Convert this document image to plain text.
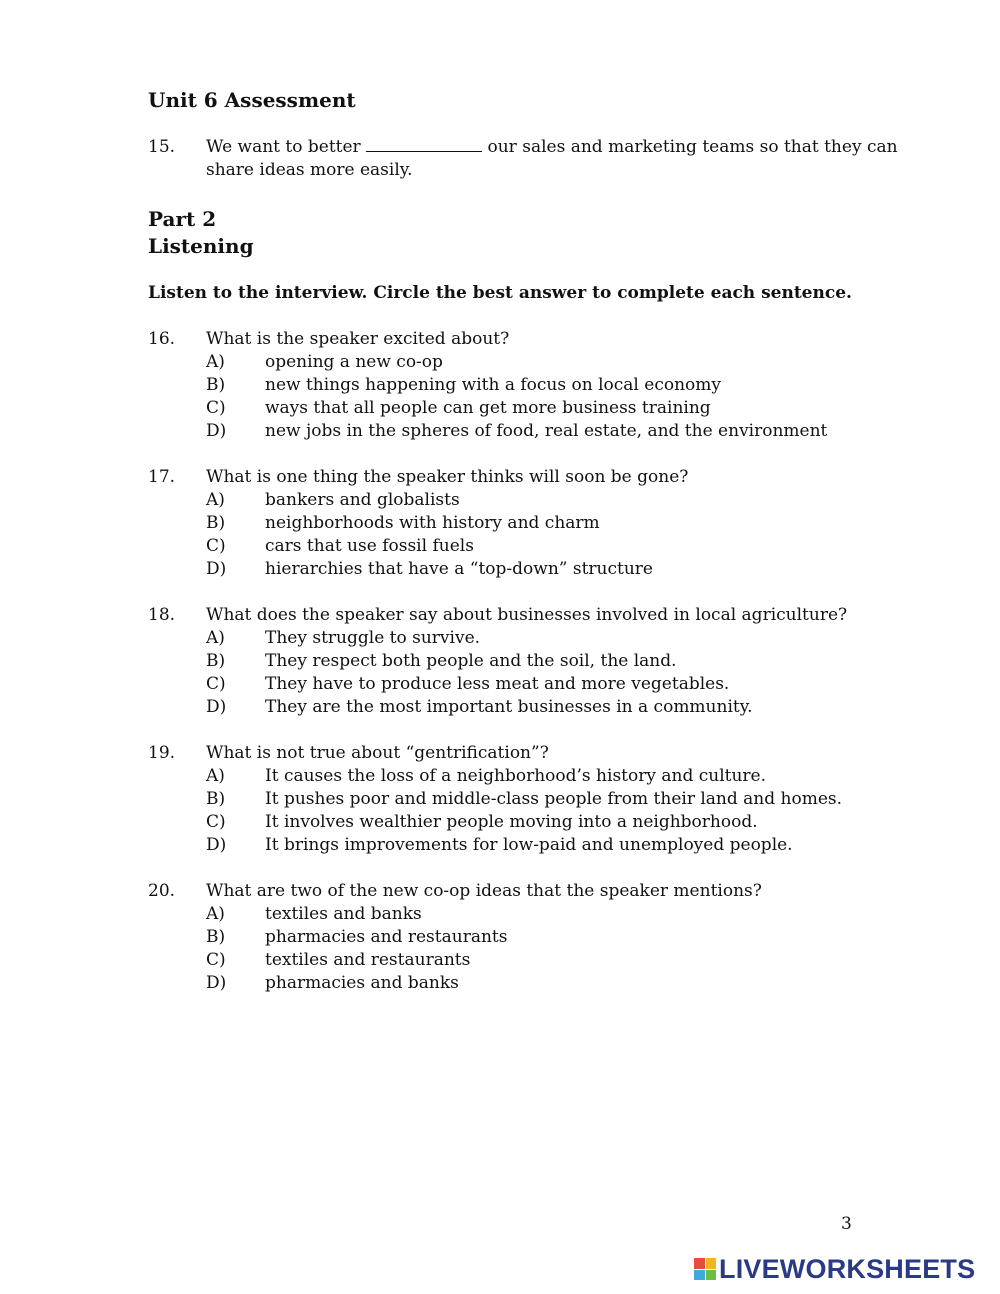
Unit 6 Assessment
15.	We want to better	our sales and marketing teams so that they can
share ideas more easily.
Part 2
Listening
Listen to the interview. Circle the best answer to complete each sentence.
16.	What is the speaker excited about?
A) opening a new co-op
B) new things happening with a focus on local economy
C) ways that all people can get more business training
D) new jobs in the spheres of food, real estate, and the environment
17.	What is one thing the speaker thinks will soon be gone?
A) bankers and globalists
B) neighborhoods with history and charm
C) cars that use fossil fuels
D) hierarchies that have a “top-down” structure
18.	What does the speaker say about businesses involved in local agriculture?
A) They struggle to survive.
B) They respect both people and the soil, the land.
C) They have to produce less meat and more vegetables.
D) They are the most important businesses in a community.
19.	What is not true about “gentrification”?
A) It causes the loss of a neighborhood’s history and culture.
B) It pushes poor and middle-class people from their land and homes.
C) It involves wealthier people moving into a neighborhood.
D) It brings improvements for low-paid and unemployed people.
20.	What are two of the new co-op ideas that the speaker mentions?
A) textiles and banks
B) pharmacies and restaurants
C) textiles and restaurants
D) pharmacies and banks
3
LIVEWORKSHEETS
